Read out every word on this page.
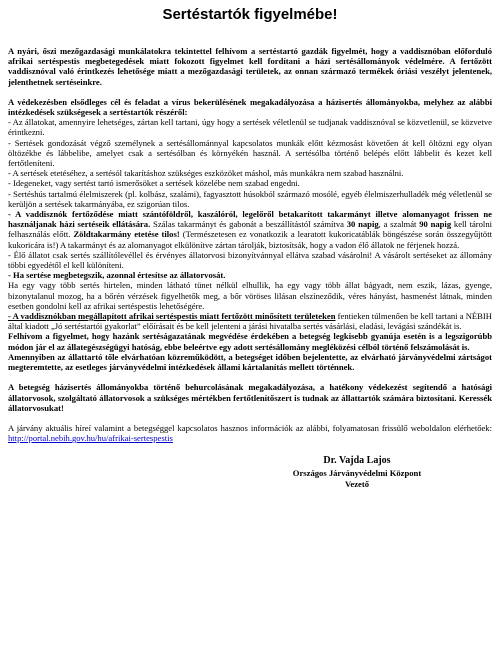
Sertéstartók figyelmébe!

A nyári, őszi mezőgazdasági munkálatokra tekintettel felhívom a sertéstartó gazdák figyelmét, hogy a vaddisznóban előforduló afrikai sertéspestis megbetegedések miatt fokozott figyelmet kell fordítani a házi sertésállományok védelmére. A fertőzött vaddisznóval való érintkezés lehetősége miatt a mezőgazdasági területek, az onnan származó termékek óriási veszélyt jelentenek, jelenthetnek sertéseinkre.

A védekezésben elsődleges cél és feladat a vírus bekerülésének megakadályozása a házisertés állományokba, melyhez az alábbi intézkedések szükségesek a sertéstartók részéről:

- Az állatokat, amennyire lehetséges, zártan kell tartani, úgy hogy a sertések véletlenül se tudjanak vaddisznóval se közvetlenül, se közvetve érintkezni.

- Sertések gondozását végző személynek a sertésállománnyal kapcsolatos munkák előtt kézmosást követően át kell öltözni egy olyan öltözékbe és lábbelibe, amelyet csak a sertésólban és környékén használ. A sertésólba történő belépés előtt lábbelit és kezet kell fertőtleníteni.

- A sertések etetéséhez, a sertésól takarításhoz szükséges eszközöket máshol, más munkákra nem szabad használni.

- Idegeneket, vagy sertést tartó ismerősöket a sertések közelébe nem szabad engedni.

- Sertéshús tartalmú élelmiszerek (pl. kolbász, szalámi), fagyasztott húsokból származó mosólé, egyéb élelmiszerhulladék még véletlenül se kerüljön a sertések takarmányába, ez szigorúan tilos.

- A vaddisznók fertőződése miatt szántóföldről, kaszálóról, legelőről betakarított takarmányt illetve alomanyagot frissen ne használjanak házi sertéseik ellátására. Szálas takarmányt és gabonát a beszállítástól számítva 30 napig, a szalmát 90 napig kell tárolni felhasználás előtt. Zöldtakarmány etetése tilos! (Természetesen ez vonatkozik a learatott kukoricatáblák böngészése során összegyűjtött kukoricára is!) A takarmányt és az alomanyagot elkülönítve zártan tárolják, biztosítsák, hogy a vadon élő állatok ne férjenek hozzá.

- Élő állatot csak sertés szállítólevéllel és érvényes állatorvosi bizonyítvánnyal ellátva szabad vásárolni! A vásárolt sertéseket az állomány többi egyedétől el kell különíteni.

- Ha sertése megbetegszik, azonnal értesítse az állatorvosát.

Ha egy vagy több sertés hirtelen, minden látható tünet nélkül elhullik, ha egy vagy több állat bágyadt, nem eszik, lázas, gyenge, bizonytalanul mozog, ha a bőrén vérzések figyelhetők meg, a bőr vöröses lilásan elszíneződik, véres hányást, hasmenést látnak, minden esetben gondolni kell az afrikai sertéspestis lehetőségére.

- A vaddisznókban megállapított afrikai sertéspestis miatt fertőzött minősített területeken fentieken túlmenően be kell tartani a NÉBIH által kiadott „Jó sertéstartói gyakorlat” előírásait és be kell jelenteni a járási hivatalba sertés vásárlási, eladási, levágási szándékát is.

Felhívom a figyelmet, hogy hazánk sertéságazatának megvédése érdekében a betegség legkisebb gyanúja esetén is a legszigorúbb módon jár el az állategészségügyi hatóság, ebbe beleértve egy adott sertésállomány megléközési célból történő felszámolását is.

Amennyiben az állattartó tőle elvárhatóan közreműködött, a betegséget időben bejelentette, az elvárható járványvédelmi zártságot megteremtette, az esetleges járványvédelmi intézkedések állami kártalanítás mellett történnek.

A betegség házisertés állományokba történő behurcolásának megakadályozása, a hatékony védekezést segítendő a hatósági állatorvosok, szolgáltató állatorvosok a szükséges mértékben fertőtlenítőszert is tudnak az állattartók számára biztosítani. Keressék állatorvosukat!

A járvány aktuális híreí valamint a betegséggel kapcsolatos hasznos információk az alábbi, folyamatosan frissülő weboldalon elérhetőek: http://portal.nebih.gov.hu/hu/afrikai-sertespestis

Dr. Vajda Lajos
Országos Járványvédelmi Központ
Vezető
